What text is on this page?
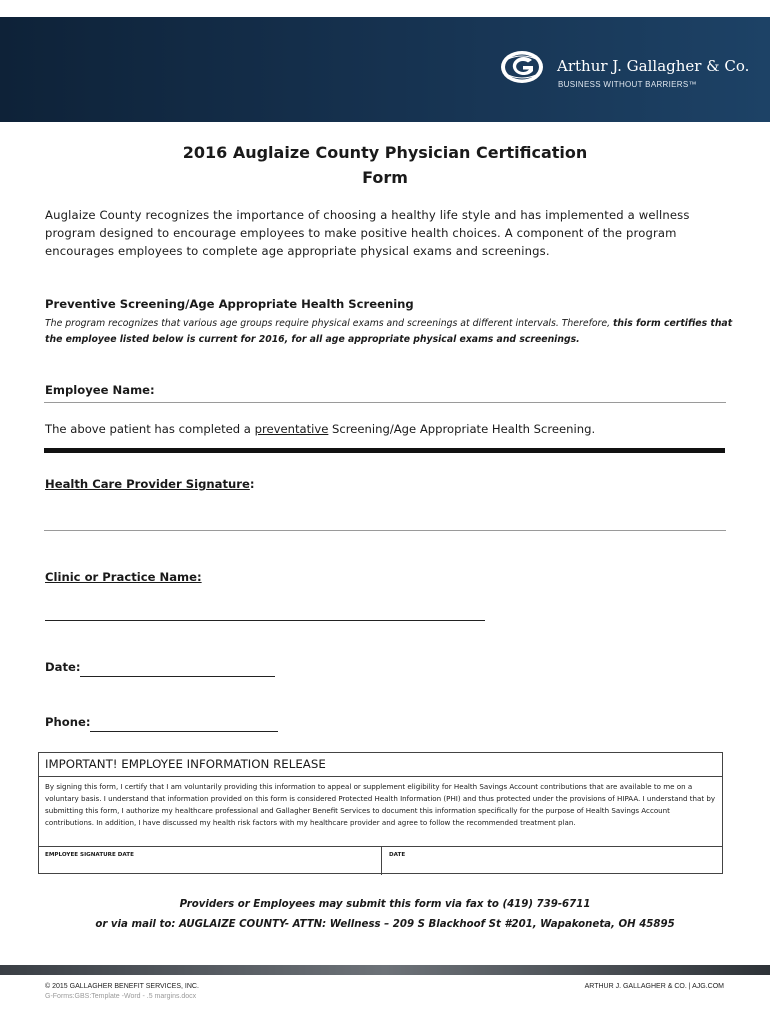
Arthur J. Gallagher & Co.
BUSINESS WITHOUT BARRIERS™
2016 Auglaize County Physician Certification
Form
Auglaize County recognizes the importance of choosing a healthy life style and has implemented a wellness program designed to encourage employees to make positive health choices. A component of the program encourages employees to complete age appropriate physical exams and screenings.
Preventive Screening/Age Appropriate Health Screening
The program recognizes that various age groups require physical exams and screenings at different intervals. Therefore, this form certifies that the employee listed below is current for 2016, for all age appropriate physical exams and screenings.
Employee Name:
The above patient has completed a preventative Screening/Age Appropriate Health Screening.
Health Care Provider Signature:
Clinic or Practice Name:
Date:
Phone:
IMPORTANT! EMPLOYEE INFORMATION RELEASE
By signing this form, I certify that I am voluntarily providing this information to appeal or supplement eligibility for Health Savings Account contributions that are available to me on a voluntary basis. I understand that information provided on this form is considered Protected Health Information (PHI) and thus protected under the provisions of HIPAA. I understand that by submitting this form, I authorize my healthcare professional and Gallagher Benefit Services to document this information specifically for the purpose of Health Savings Account contributions. In addition, I have discussed my health risk factors with my healthcare provider and agree to follow the recommended treatment plan.
EMPLOYEE SIGNATURE DATE	DATE
Providers or Employees may submit this form via fax to (419) 739-6711
or via mail to: AUGLAIZE COUNTY- ATTN: Wellness – 209 S Blackhoof St #201, Wapakoneta, OH 45895
© 2015 GALLAGHER BENEFIT SERVICES, INC.
G-Forms:GBS:Template -Word - .5 margins.docx
ARTHUR J. GALLAGHER & CO. | AJG.COM
